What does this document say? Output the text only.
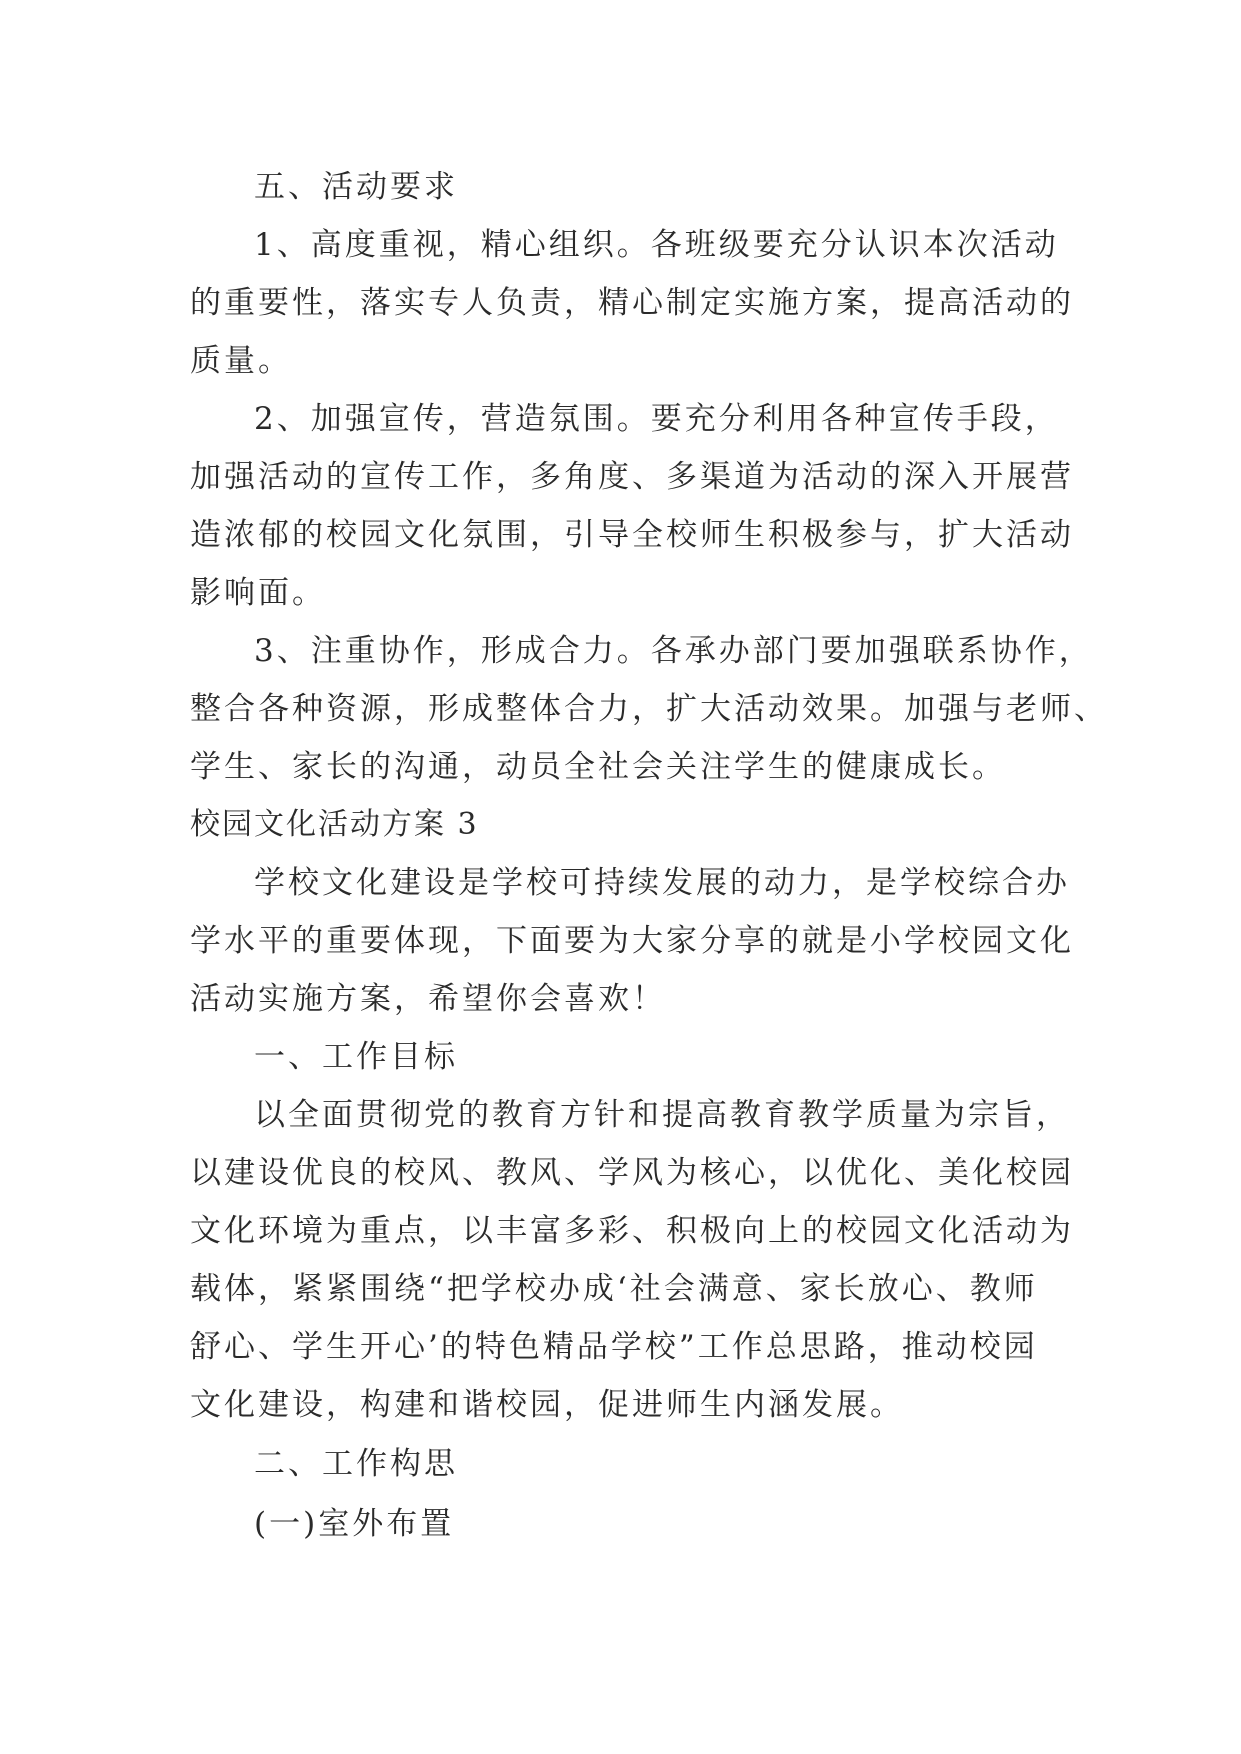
五、活动要求
1、高度重视，精心组织。各班级要充分认识本次活动
的重要性，落实专人负责，精心制定实施方案，提高活动的
质量。
2、加强宣传，营造氛围。要充分利用各种宣传手段，
加强活动的宣传工作，多角度、多渠道为活动的深入开展营
造浓郁的校园文化氛围，引导全校师生积极参与，扩大活动
影响面。
3、注重协作，形成合力。各承办部门要加强联系协作，
整合各种资源，形成整体合力，扩大活动效果。加强与老师、
学生、家长的沟通，动员全社会关注学生的健康成长。
校园文化活动方案 3
学校文化建设是学校可持续发展的动力，是学校综合办
学水平的重要体现，下面要为大家分享的就是小学校园文化
活动实施方案，希望你会喜欢！
一、工作目标
以全面贯彻党的教育方针和提高教育教学质量为宗旨，
以建设优良的校风、教风、学风为核心，以优化、美化校园
文化环境为重点，以丰富多彩、积极向上的校园文化活动为
载体，紧紧围绕“把学校办成‘社会满意、家长放心、教师
舒心、学生开心’的特色精品学校”工作总思路，推动校园
文化建设，构建和谐校园，促进师生内涵发展。
二、工作构思
(一)室外布置
